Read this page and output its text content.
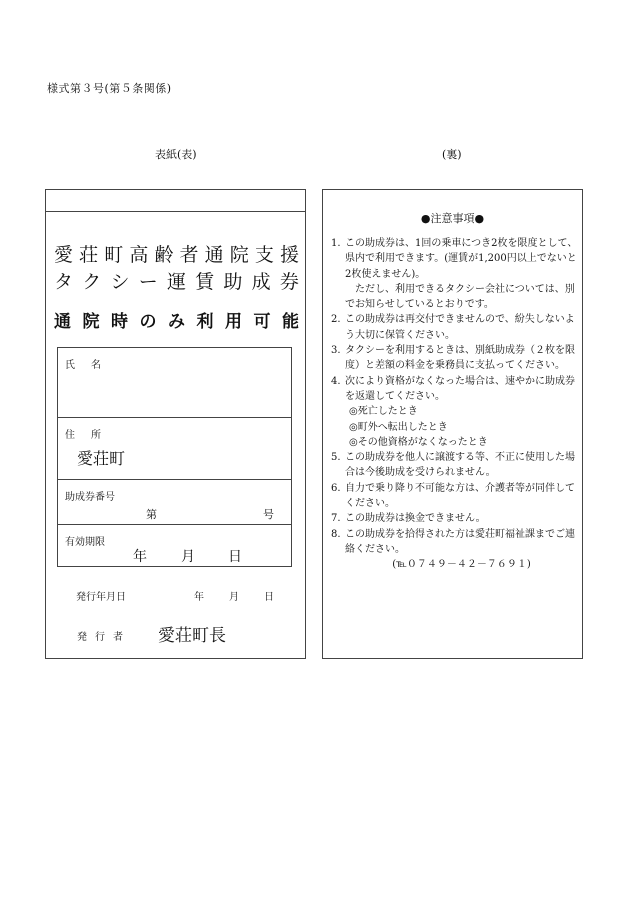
様式第３号(第５条関係)
表紙(表)	(裏)
愛 荘 町 高 齢 者 通 院 支 援
タ ク シ ー 運 賃 助 成 券
通 院 時 の み 利 用 可 能
氏　名
住　所
愛荘町
助成券番号
第	号
有効期限
年 月 日
発行年月日	年	月	日
発行者 愛荘町長
●注意事項●
1. この助成券は、1回の乗車につき2枚を限度として、県内で利用できます。(運賃が1,200円以上でないと2枚使えません)。
ただし、利用できるタクシー会社については、別でお知らせしているとおりです。
2. この助成券は再交付できませんので、紛失しないよう大切に保管ください。
3. タクシーを利用するときは、別紙助成券（２枚を限度）と差額の料金を乗務員に支払ってください。
4. 次により資格がなくなった場合は、速やかに助成券を返還してください。
◎死亡したとき
◎町外へ転出したとき
◎その他資格がなくなったとき
5. この助成券を他人に譲渡する等、不正に使用した場合は今後助成を受けられません。
6. 自力で乗り降り不可能な方は、介護者等が同伴してください。
7. この助成券は換金できません。
8. この助成券を拾得された方は愛荘町福祉課までご連絡ください。
(℡０７４９－４２－７６９１)
